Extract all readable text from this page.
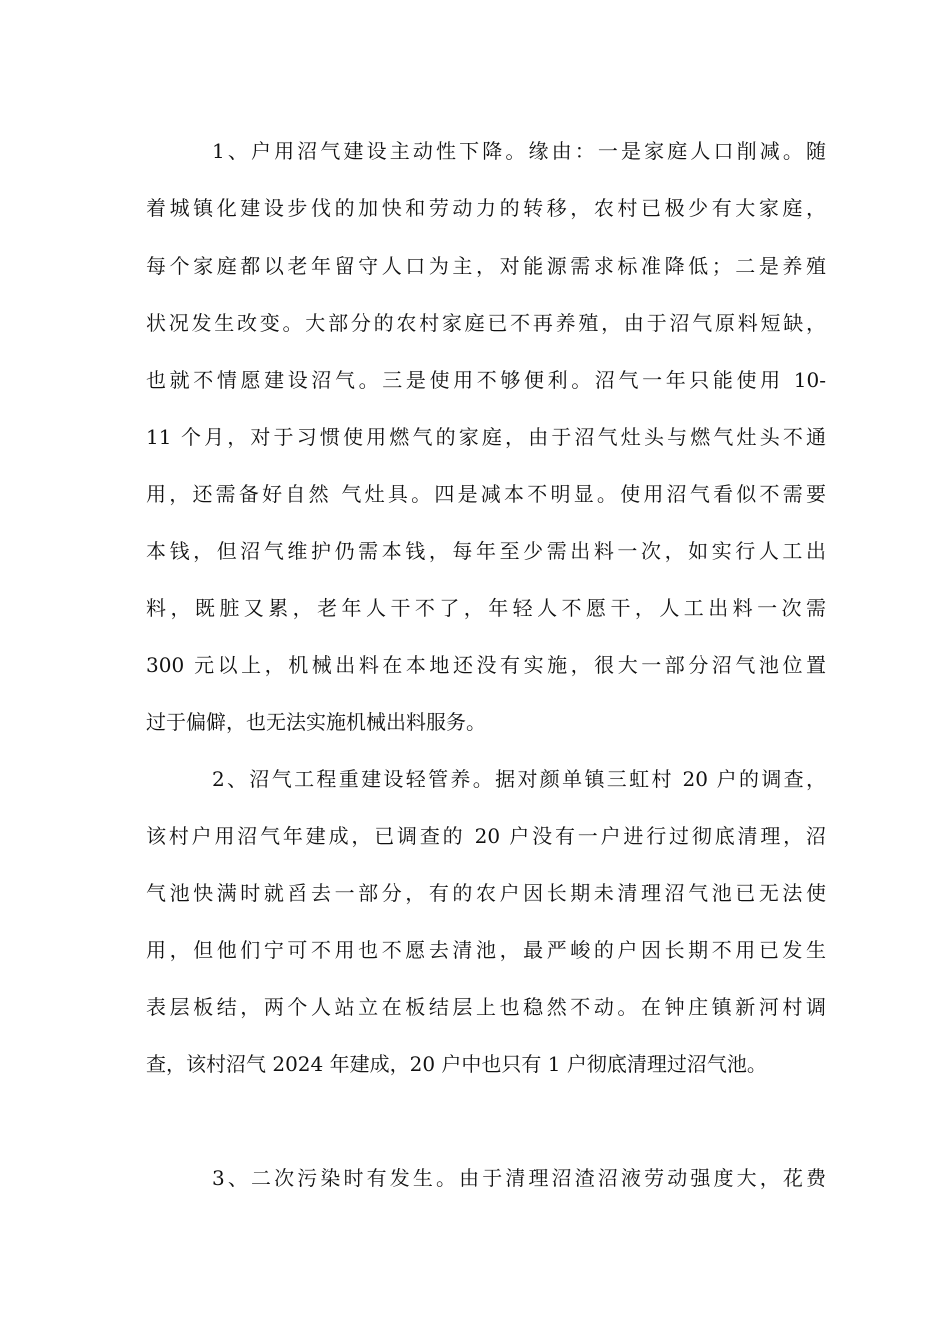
1、户用沼气建设主动性下降。缘由：一是家庭人口削减。随
着城镇化建设步伐的加快和劳动力的转移，农村已极少有大家庭，
每个家庭都以老年留守人口为主，对能源需求标准降低；二是养殖
状况发生改变。大部分的农村家庭已不再养殖，由于沼气原料短缺，
也就不情愿建设沼气。三是使用不够便利。沼气一年只能使用 10-
11 个月，对于习惯使用燃气的家庭，由于沼气灶头与燃气灶头不通
用，还需备好自然 气灶具。四是减本不明显。使用沼气看似不需要
本钱，但沼气维护仍需本钱，每年至少需出料一次，如实行人工出
料，既脏又累，老年人干不了，年轻人不愿干，人工出料一次需
300 元以上，机械出料在本地还没有实施，很大一部分沼气池位置
过于偏僻，也无法实施机械出料服务。
2、沼气工程重建设轻管养。据对颜单镇三虹村 20 户的调查，
该村户用沼气年建成，已调查的 20 户没有一户进行过彻底清理，沼
气池快满时就舀去一部分，有的农户因长期未清理沼气池已无法使
用，但他们宁可不用也不愿去清池，最严峻的户因长期不用已发生
表层板结，两个人站立在板结层上也稳然不动。在钟庄镇新河村调
查，该村沼气 2024 年建成，20 户中也只有 1 户彻底清理过沼气池。
3、二次污染时有发生。由于清理沼渣沼液劳动强度大，花费
